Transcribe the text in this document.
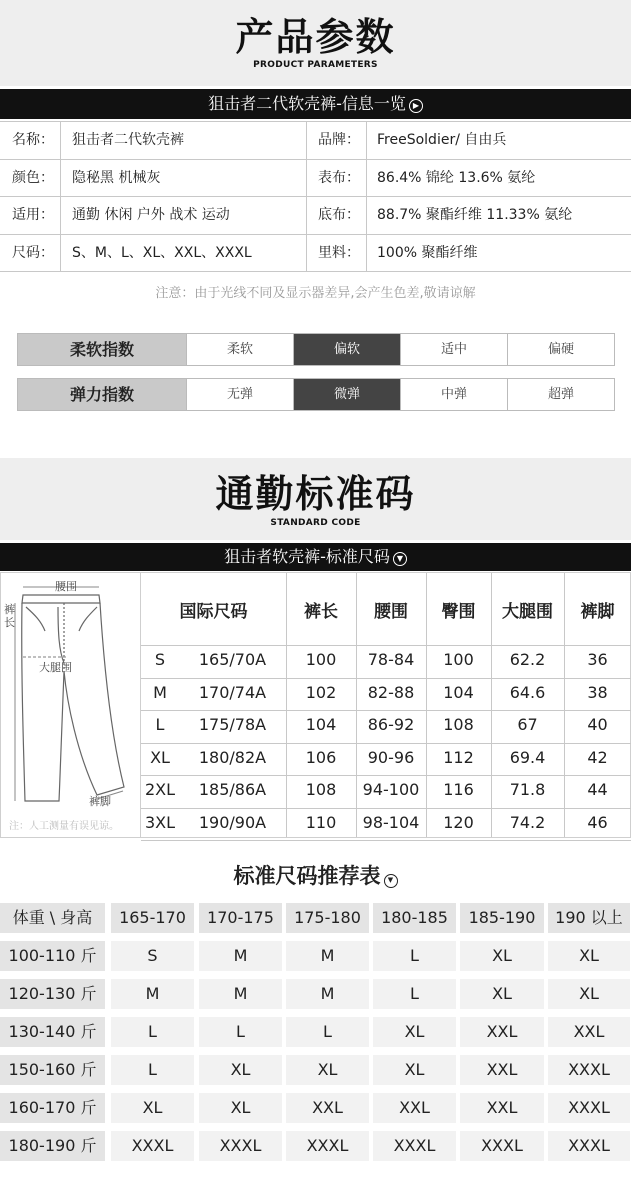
产品参数
PRODUCT PARAMETERS
狙击者二代软壳裤-信息一览 ▶
名称： 狙击者二代软壳裤	品牌： FreeSoldier/ 自由兵
颜色： 隐秘黑 机械灰	表布： 86.4% 锦纶 13.6% 氨纶
适用： 通勤 休闲 户外 战术 运动	底布： 88.7% 聚酯纤维 11.33% 氨纶
尺码： S、M、L、XL、XXL、XXXL	里料： 100% 聚酯纤维
注意：由于光线不同及显示器差异,会产生色差,敬请谅解
柔软指数	柔软	偏软	适中	偏硬
弹力指数	无弹	微弹	中弹	超弹
通勤标准码
STANDARD CODE
狙击者软壳裤-标准尺码 ▼
腰围
裤长
大腿围
裤脚
注：人工测量有误见谅。
国际尺码	裤长	腰围	臀围	大腿围	裤脚
S	165/70A	100	78-84	100	62.2	36
M	170/74A	102	82-88	104	64.6	38
L	175/78A	104	86-92	108	67	40
XL	180/82A	106	90-96	112	69.4	42
2XL	185/86A	108	94-100	116	71.8	44
3XL	190/90A	110	98-104	120	74.2	46
标准尺码推荐表 ▼
体重 \ 身高	165-170	170-175	175-180	180-185	185-190	190 以上
100-110 斤	S	M	M	L	XL	XL
120-130 斤	M	M	M	L	XL	XL
130-140 斤	L	L	L	XL	XXL	XXL
150-160 斤	L	XL	XL	XL	XXL	XXXL
160-170 斤	XL	XL	XXL	XXL	XXL	XXXL
180-190 斤	XXXL	XXXL	XXXL	XXXL	XXXL	XXXL
